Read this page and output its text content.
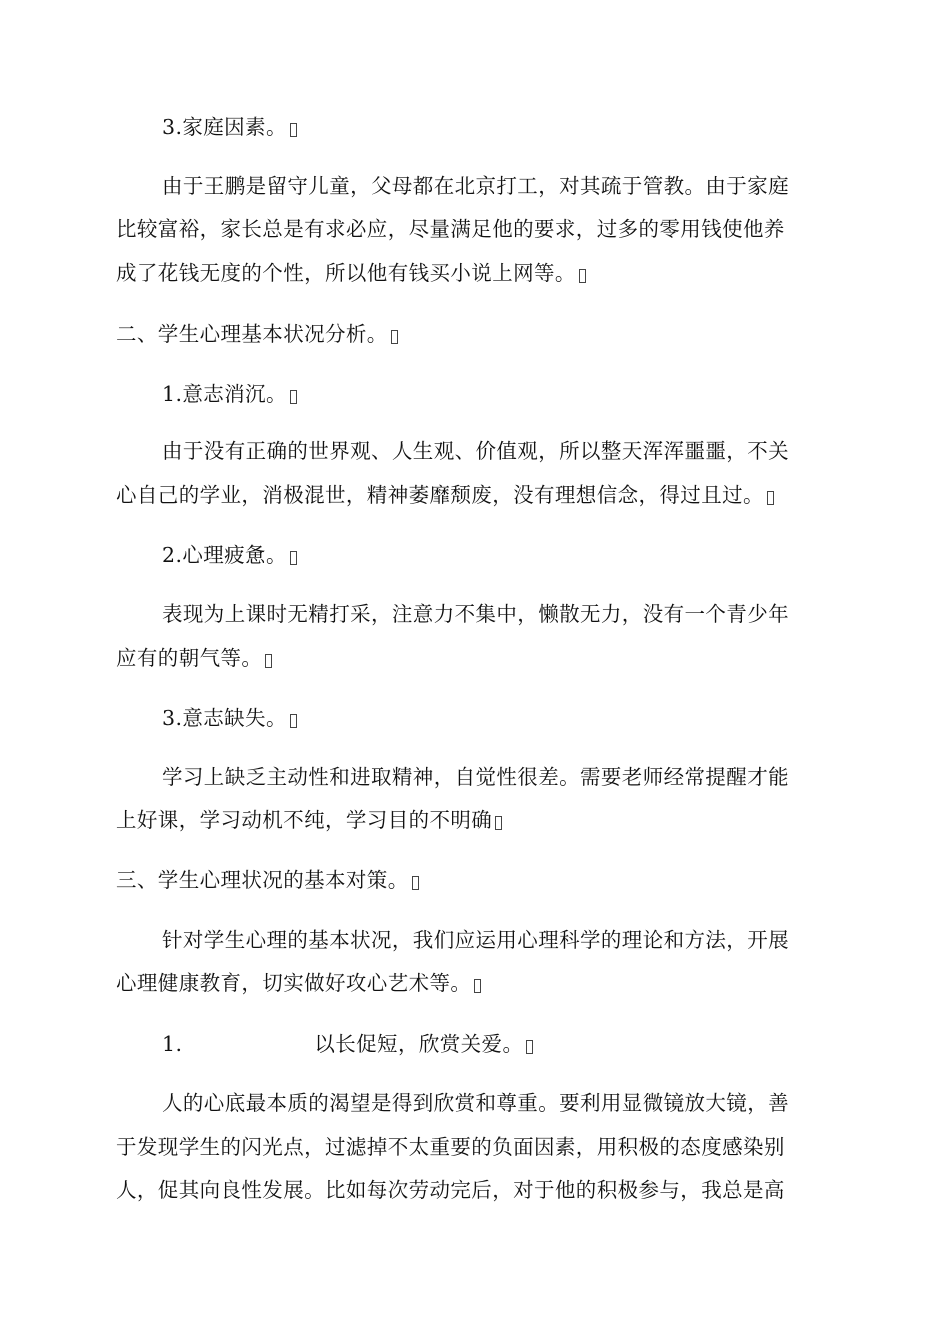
3.家庭因素。
由于王鹏是留守儿童，父母都在北京打工，对其疏于管教。由于家庭
比较富裕，家长总是有求必应，尽量满足他的要求，过多的零用钱使他养
成了花钱无度的个性，所以他有钱买小说上网等。
二、学生心理基本状况分析。
1.意志消沉。
由于没有正确的世界观、人生观、价值观，所以整天浑浑噩噩，不关
心自己的学业，消极混世，精神萎靡颓废，没有理想信念，得过且过。
2.心理疲惫。
表现为上课时无精打采，注意力不集中，懒散无力，没有一个青少年
应有的朝气等。
3.意志缺失。
学习上缺乏主动性和进取精神，自觉性很差。需要老师经常提醒才能
上好课，学习动机不纯，学习目的不明确
三、学生心理状况的基本对策。
针对学生心理的基本状况，我们应运用心理科学的理论和方法，开展
心理健康教育，切实做好攻心艺术等。
1.	以长促短，欣赏关爱。
人的心底最本质的渴望是得到欣赏和尊重。要利用显微镜放大镜，善
于发现学生的闪光点，过滤掉不太重要的负面因素，用积极的态度感染别
人，促其向良性发展。比如每次劳动完后，对于他的积极参与，我总是高
